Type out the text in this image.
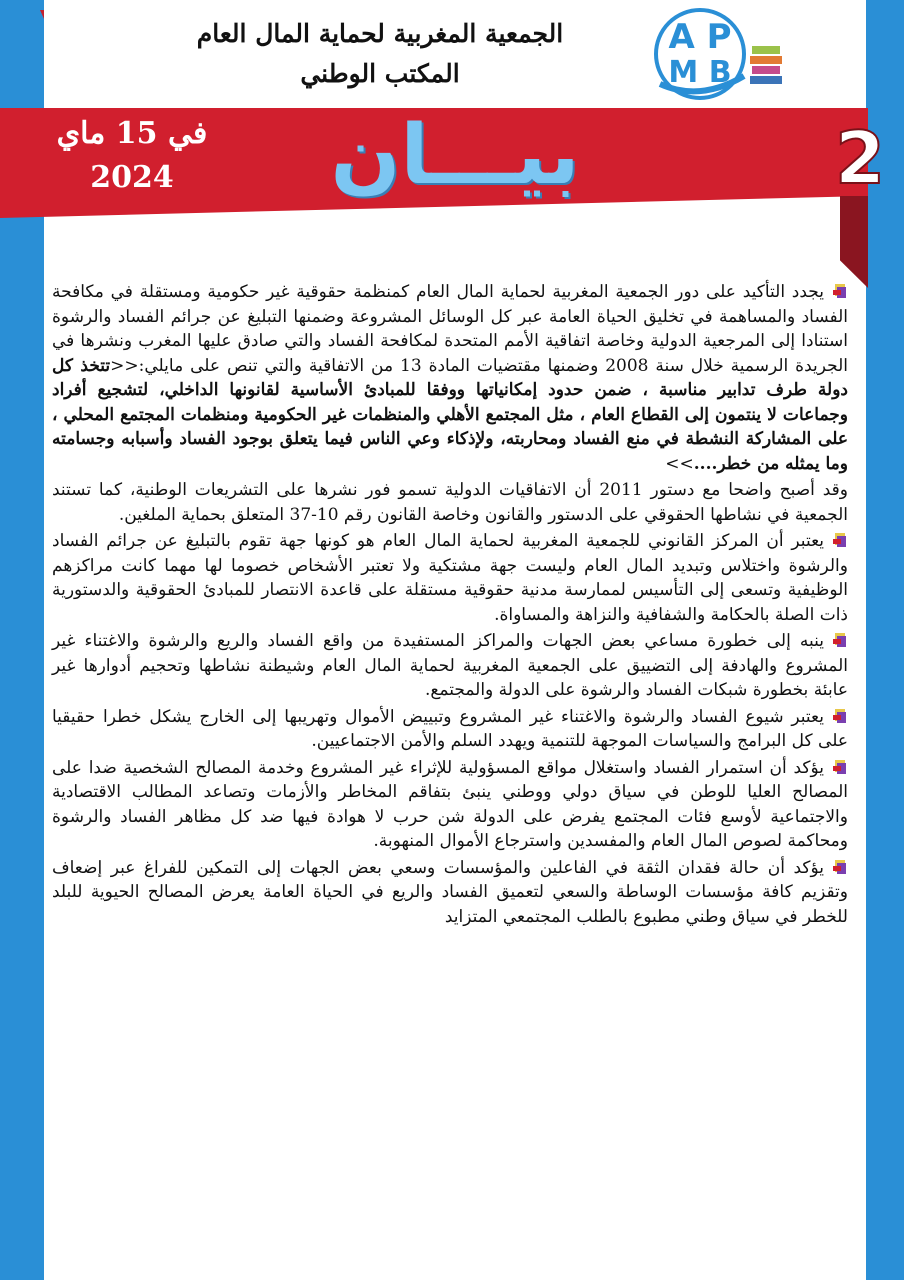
الجمعية المغربية لحماية المال العام
المكتب الوطني
A P
M B
في 15 ماي 2024	بيـــان	2

يجدد التأكيد على دور الجمعية المغربية لحماية المال العام كمنظمة حقوقية غير حكومية ومستقلة في مكافحة الفساد والمساهمة في تخليق الحياة العامة عبر كل الوسائل المشروعة وضمنها التبليغ عن جرائم الفساد والرشوة استنادا إلى المرجعية الدولية وخاصة اتفاقية الأمم المتحدة لمكافحة الفساد والتي صادق عليها المغرب ونشرها في الجريدة الرسمية خلال سنة 2008 وضمنها مقتضيات المادة 13 من الاتفاقية والتي تنص على مايلي:<<تتخذ كل دولة طرف تدابير مناسبة ، ضمن حدود إمكانياتها ووفقا للمبادئ الأساسية لقانونها الداخلي، لتشجيع أفراد وجماعات لا ينتمون إلى القطاع العام ، مثل المجتمع الأهلي والمنظمات غير الحكومية ومنظمات المجتمع المحلي ، على المشاركة النشطة في منع الفساد ومحاربته، ولإذكاء وعي الناس فيما يتعلق بوجود الفساد وأسبابه وجسامته وما يمثله من خطر....>>

وقد أصبح واضحا مع دستور 2011 أن الاتفاقيات الدولية تسمو فور نشرها على التشريعات الوطنية، كما تستند الجمعية في نشاطها الحقوقي على الدستور والقانون وخاصة القانون رقم 10-37 المتعلق بحماية الملغين.

يعتبر أن المركز القانوني للجمعية المغربية لحماية المال العام هو كونها جهة تقوم بالتبليغ عن جرائم الفساد والرشوة واختلاس وتبديد المال العام وليست جهة مشتكية ولا تعتبر الأشخاص خصوما لها مهما كانت مراكزهم الوظيفية وتسعى إلى التأسيس لممارسة مدنية حقوقية مستقلة على قاعدة الانتصار للمبادئ الحقوقية والدستورية ذات الصلة بالحكامة والشفافية والنزاهة والمساواة.

ينبه إلى خطورة مساعي بعض الجهات والمراكز المستفيدة من واقع الفساد والريع والرشوة والاغتناء غير المشروع والهادفة إلى التضييق على الجمعية المغربية لحماية المال العام وشيطنة نشاطها وتحجيم أدوارها غير عابئة بخطورة شبكات الفساد والرشوة على الدولة والمجتمع.

يعتبر شيوع الفساد والرشوة والاغتناء غير المشروع وتبييض الأموال وتهريبها إلى الخارج يشكل خطرا حقيقيا على كل البرامج والسياسات الموجهة للتنمية ويهدد السلم والأمن الاجتماعيين.

يؤكد أن استمرار الفساد واستغلال مواقع المسؤولية للإثراء غير المشروع وخدمة المصالح الشخصية ضدا على المصالح العليا للوطن في سياق دولي ووطني ينبئ بتفاقم المخاطر والأزمات وتصاعد المطالب الاقتصادية والاجتماعية لأوسع فئات المجتمع يفرض على الدولة شن حرب لا هوادة فيها ضد كل مظاهر الفساد والرشوة ومحاكمة لصوص المال العام والمفسدين واسترجاع الأموال المنهوبة.

يؤكد أن حالة فقدان الثقة في الفاعلين والمؤسسات وسعي بعض الجهات إلى التمكين للفراغ عبر إضعاف وتقزيم كافة مؤسسات الوساطة والسعي لتعميق الفساد والريع في الحياة العامة يعرض المصالح الحيوية للبلد للخطر في سياق وطني مطبوع بالطلب المجتمعي المتزايد
